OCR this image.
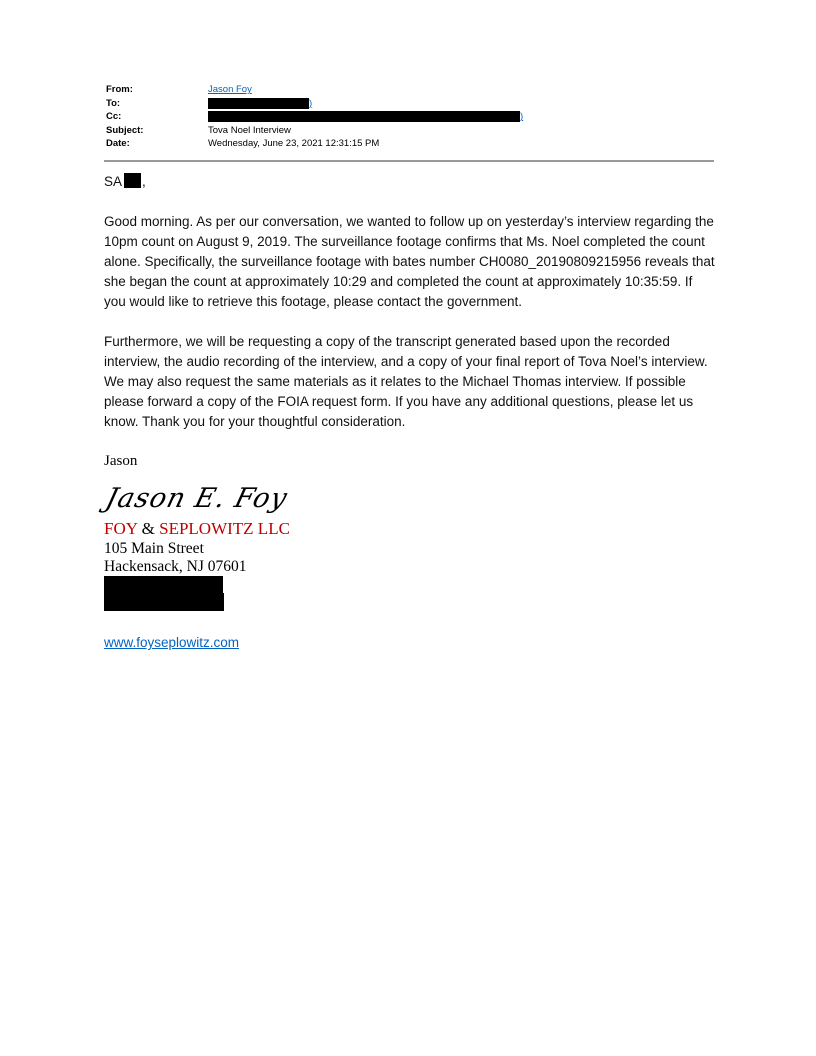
From:	Jason Foy
To:	)
Cc:	)
Subject:	Tova Noel Interview
Date:	Wednesday, June 23, 2021 12:31:15 PM
SA ,
Good morning. As per our conversation, we wanted to follow up on yesterday’s interview regarding the 10pm count on August 9, 2019. The surveillance footage confirms that Ms. Noel completed the count alone. Specifically, the surveillance footage with bates number CH0080_20190809215956 reveals that she began the count at approximately 10:29 and completed the count at approximately 10:35:59. If you would like to retrieve this footage, please contact the government.
Furthermore, we will be requesting a copy of the transcript generated based upon the recorded interview, the audio recording of the interview, and a copy of your final report of Tova Noel’s interview. We may also request the same materials as it relates to the Michael Thomas interview. If possible please forward a copy of the FOIA request form. If you have any additional questions, please let us know. Thank you for your thoughtful consideration.
Jason
Jason E. Foy
FOY & SEPLOWITZ LLC
105 Main Street
Hackensack, NJ 07601
www.foyseplowitz.com
